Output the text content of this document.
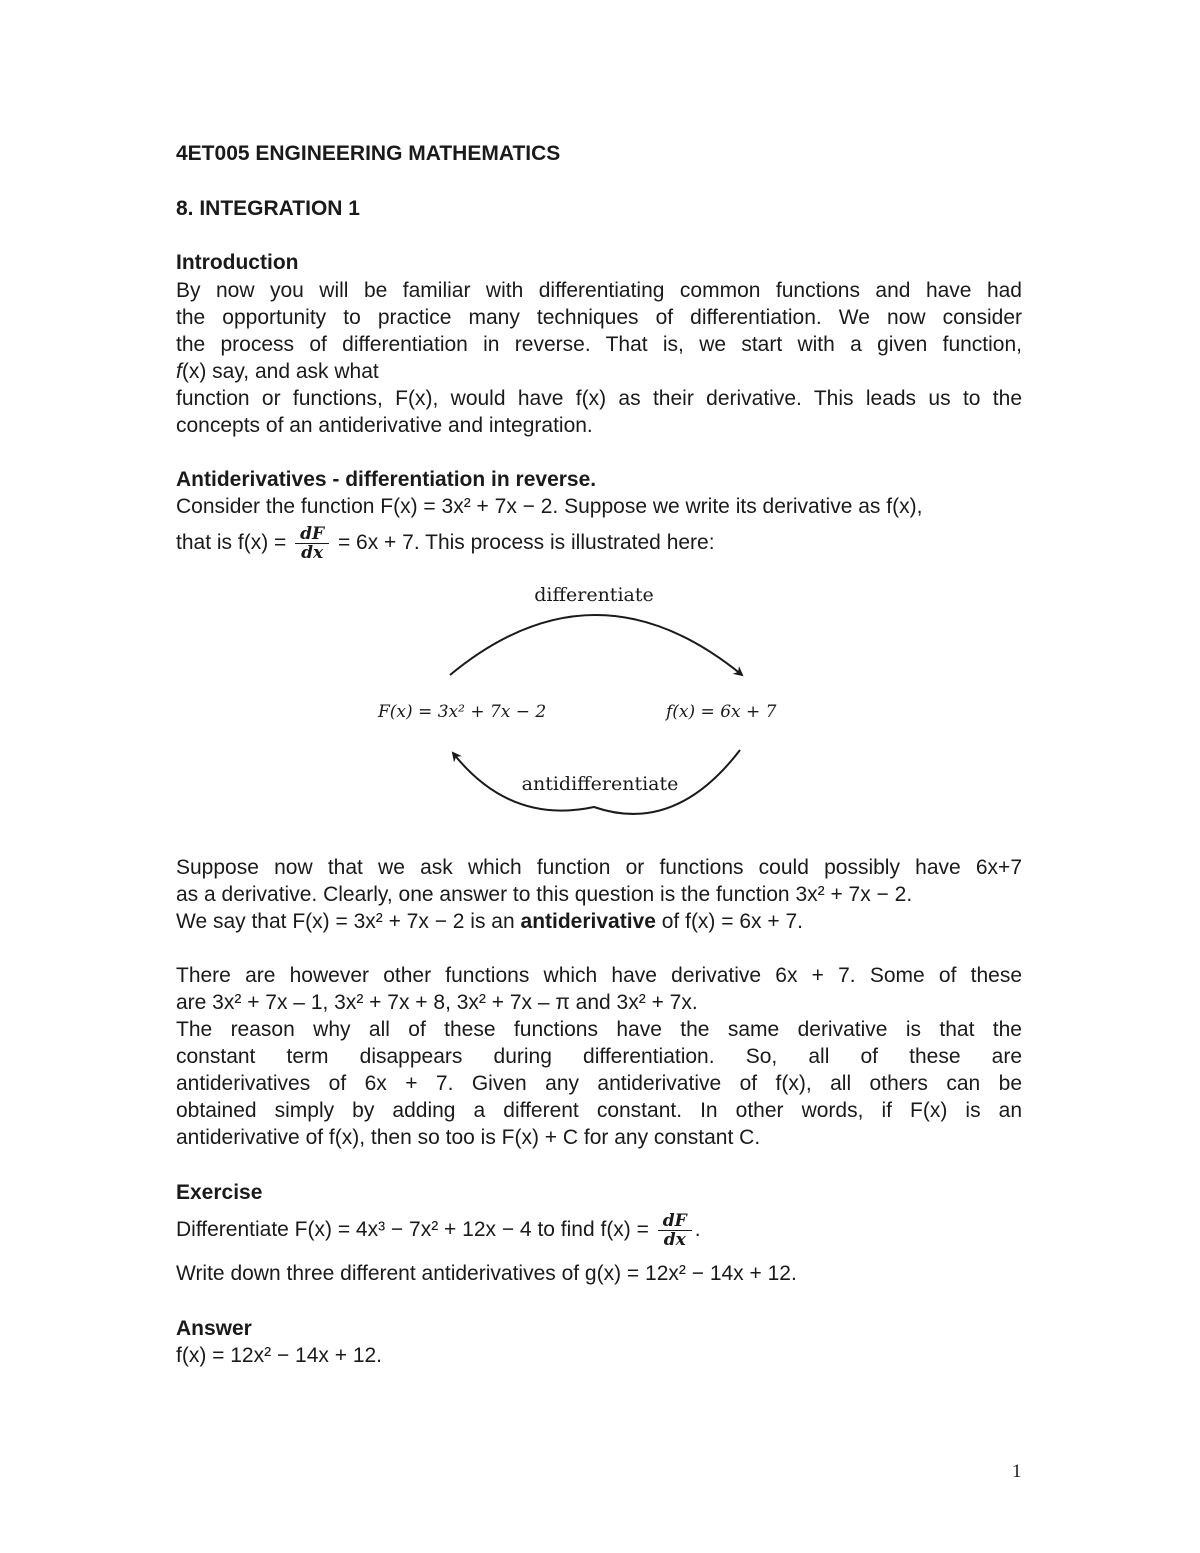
4ET005 ENGINEERING MATHEMATICS
8. INTEGRATION 1
Introduction
By now you will be familiar with differentiating common functions and have had
the opportunity to practice many techniques of differentiation. We now consider
the process of differentiation in reverse. That is, we start with a given function,
f(x) say, and ask what
function or functions, F(x), would have f(x) as their derivative. This leads us to the
concepts of an antiderivative and integration.
Antiderivatives - differentiation in reverse.
Consider the function F(x) = 3x² + 7x − 2. Suppose we write its derivative as f(x),
that is $f(x) = \frac{dF}{dx} = 6x + 7$. This process is illustrated here:
differentiate
F(x) = 3x² + 7x − 2	f(x) = 6x + 7
antidifferentiate
Suppose now that we ask which function or functions could possibly have 6x+7
as a derivative. Clearly, one answer to this question is the function 3x² + 7x − 2.
We say that F(x) = 3x² + 7x − 2 is an antiderivative of f(x) = 6x + 7.
There are however other functions which have derivative 6x + 7. Some of these
are 3x² + 7x – 1, 3x² + 7x + 8, 3x² + 7x – π and 3x² + 7x.
The reason why all of these functions have the same derivative is that the
constant term disappears during differentiation. So, all of these are
antiderivatives of 6x + 7. Given any antiderivative of f(x), all others can be
obtained simply by adding a different constant. In other words, if F(x) is an
antiderivative of f(x), then so too is F(x) + C for any constant C.
Exercise
Differentiate F(x) = 4x³ − 7x² + 12x − 4 to find $f(x) = \frac{dF}{dx}$ .
Write down three different antiderivatives of g(x) = 12x² − 14x + 12.
Answer
f(x) = 12x² − 14x + 12.
1
